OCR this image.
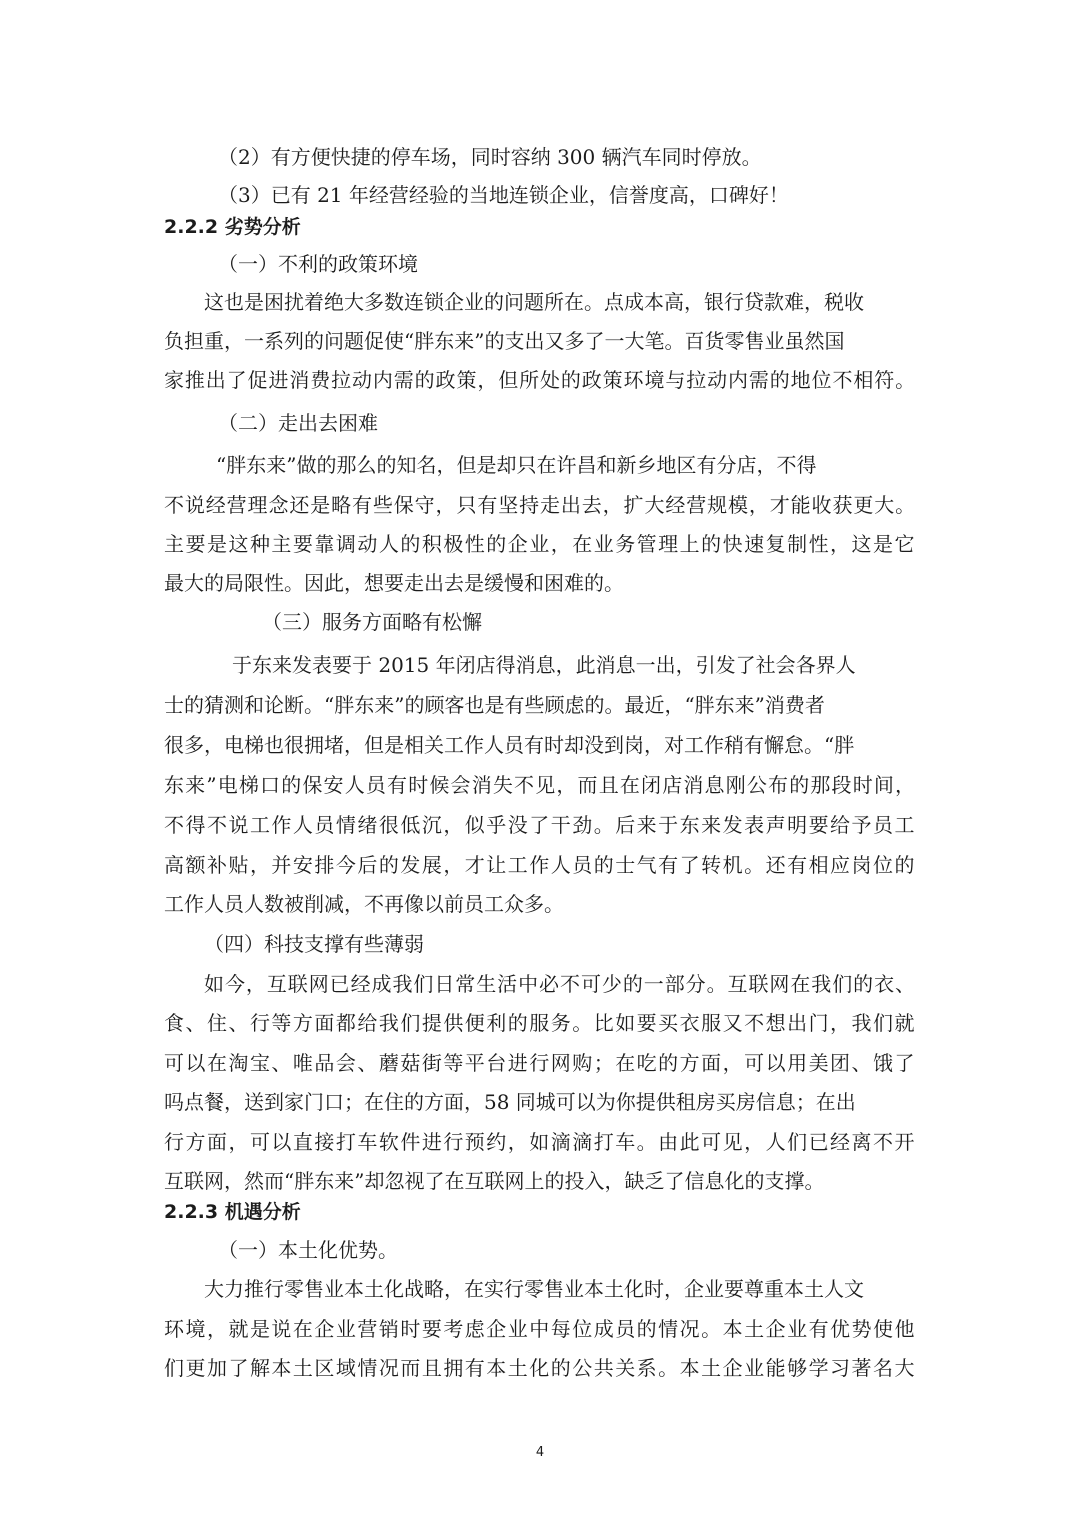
（2）有方便快捷的停车场，同时容纳 300 辆汽车同时停放。
（3）已有 21 年经营经验的当地连锁企业，信誉度高，口碑好！
2.2.2 劣势分析
（一）不利的政策环境
这也是困扰着绝大多数连锁企业的问题所在。点成本高，银行贷款难，税收
负担重，一系列的问题促使“胖东来”的支出又多了一大笔。百货零售业虽然国
家推出了促进消费拉动内需的政策，但所处的政策环境与拉动内需的地位不相符。
（二）走出去困难
“胖东来”做的那么的知名，但是却只在许昌和新乡地区有分店，不得
不说经营理念还是略有些保守，只有坚持走出去，扩大经营规模，才能收获更大。
主要是这种主要靠调动人的积极性的企业，在业务管理上的快速复制性，这是它
最大的局限性。因此，想要走出去是缓慢和困难的。
（三）服务方面略有松懈
于东来发表要于 2015 年闭店得消息，此消息一出，引发了社会各界人
士的猜测和论断。“胖东来”的顾客也是有些顾虑的。最近，“胖东来”消费者
很多，电梯也很拥堵，但是相关工作人员有时却没到岗，对工作稍有懈怠。“胖
东来”电梯口的保安人员有时候会消失不见，而且在闭店消息刚公布的那段时间，
不得不说工作人员情绪很低沉，似乎没了干劲。后来于东来发表声明要给予员工
高额补贴，并安排今后的发展，才让工作人员的士气有了转机。还有相应岗位的
工作人员人数被削减，不再像以前员工众多。
（四）科技支撑有些薄弱
如今，互联网已经成我们日常生活中必不可少的一部分。互联网在我们的衣、
食、住、行等方面都给我们提供便利的服务。比如要买衣服又不想出门，我们就
可以在淘宝、唯品会、蘑菇街等平台进行网购；在吃的方面，可以用美团、饿了
吗点餐，送到家门口；在住的方面，58 同城可以为你提供租房买房信息；在出
行方面，可以直接打车软件进行预约，如滴滴打车。由此可见，人们已经离不开
互联网，然而“胖东来”却忽视了在互联网上的投入，缺乏了信息化的支撑。
2.2.3 机遇分析
（一）本土化优势。
大力推行零售业本土化战略，在实行零售业本土化时，企业要尊重本土人文
环境，就是说在企业营销时要考虑企业中每位成员的情况。本土企业有优势使他
们更加了解本土区域情况而且拥有本土化的公共关系。本土企业能够学习著名大
4
